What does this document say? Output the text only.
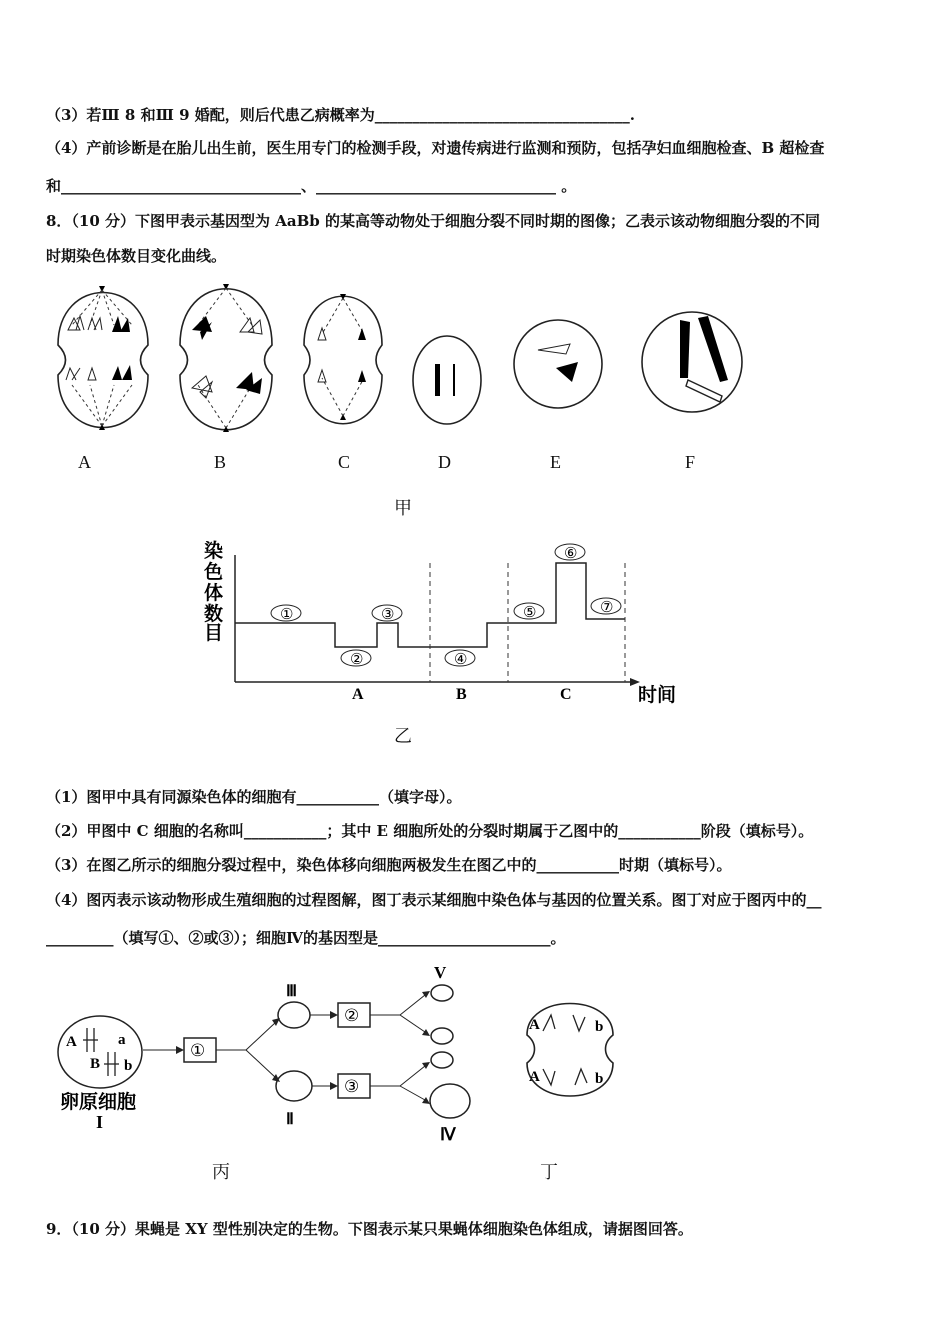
（3）若Ⅲ 8 和Ⅲ 9 婚配，则后代患乙病概率为__________________________________.
（4）产前诊断是在胎儿出生前，医生用专门的检测手段，对遗传病进行监测和预防，包括孕妇血细胞检查、B 超检查
和________________________________、________________________________ 。
8．（10 分）下图甲表示基因型为 AaBb 的某高等动物处于细胞分裂不同时期的图像；乙表示该动物细胞分裂的不同
时期染色体数目变化曲线。
A	B	C	D	E	F
甲
染
色
体
数
目
①
②
③
④
⑤
⑥
⑦
A	B	C	时间
乙
（1）图甲中具有同源染色体的细胞有___________（填字母）。
（2）甲图中 C 细胞的名称叫___________；其中 E 细胞所处的分裂时期属于乙图中的___________阶段（填标号）。
（3）在图乙所示的细胞分裂过程中，染色体移向细胞两极发生在图乙中的___________时期（填标号）。
（4）图丙表示该动物形成生殖细胞的过程图解，图丁表示某细胞中染色体与基因的位置关系。图丁对应于图丙中的__
_________（填写①、②或③）；细胞Ⅳ的基因型是_______________________。
A	a
B b
卵原细胞
I
①
Ⅲ
Ⅱ
②
③
V
Ⅳ
丙
A	b
A	b
丁
9．（10 分）果蝇是 XY 型性别决定的生物。下图表示某只果蝇体细胞染色体组成，请据图回答。
